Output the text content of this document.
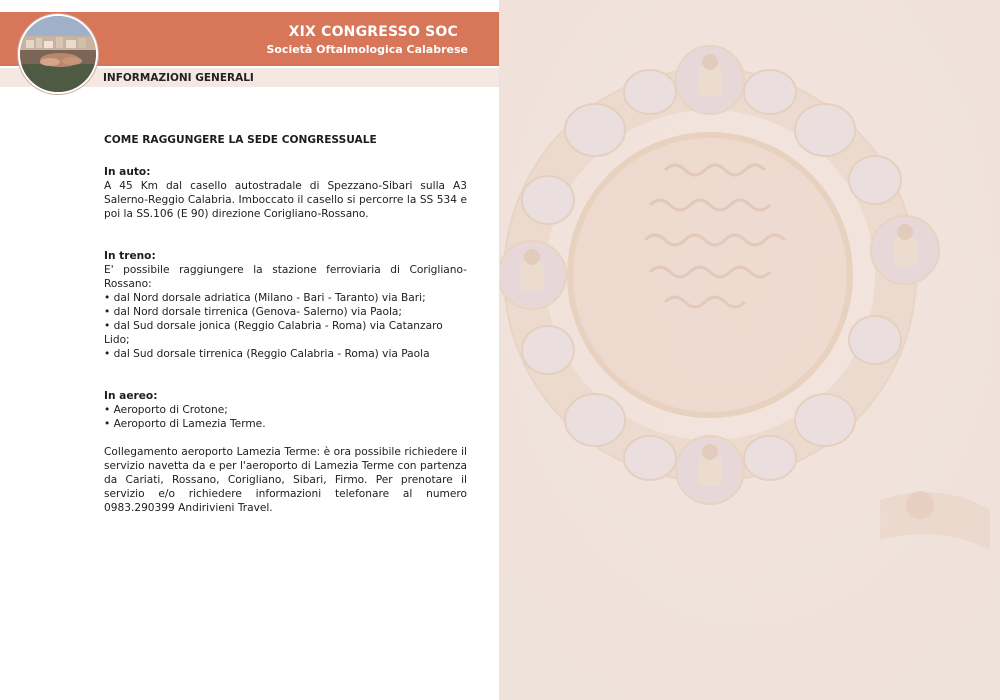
XIX CONGRESSO SOC
Società Oftalmologica Calabrese
INFORMAZIONI GENERALI
COME RAGGUNGERE LA SEDE CONGRESSUALE
In auto:

A 45 Km dal casello autostradale di Spezzano-Sibari sulla A3 Salerno-Reggio Calabria. Imboccato il casello si percorre la SS 534 e poi la SS.106 (E 90) direzione Corigliano-Rossano.

In treno:

E' possibile raggiungere la stazione ferroviaria di Corigliano-Rossano:

• dal Nord dorsale adriatica (Milano - Bari - Taranto) via Bari;
• dal Nord dorsale tirrenica (Genova- Salerno) via Paola;
• dal Sud dorsale jonica (Reggio Calabria - Roma) via Catanzaro Lido;
• dal Sud dorsale tirrenica (Reggio Calabria - Roma) via Paola
In aereo:
• Aeroporto di Crotone;
• Aeroporto di Lamezia Terme.

Collegamento aeroporto Lamezia Terme: è ora possibile richiedere il servizio navetta da e per l'aeroporto di Lamezia Terme con partenza da Cariati, Rossano, Corigliano, Sibari, Firmo. Per prenotare il servizio e/o richiedere informazioni telefonare al numero 0983.290399 Andirivieni Travel.
